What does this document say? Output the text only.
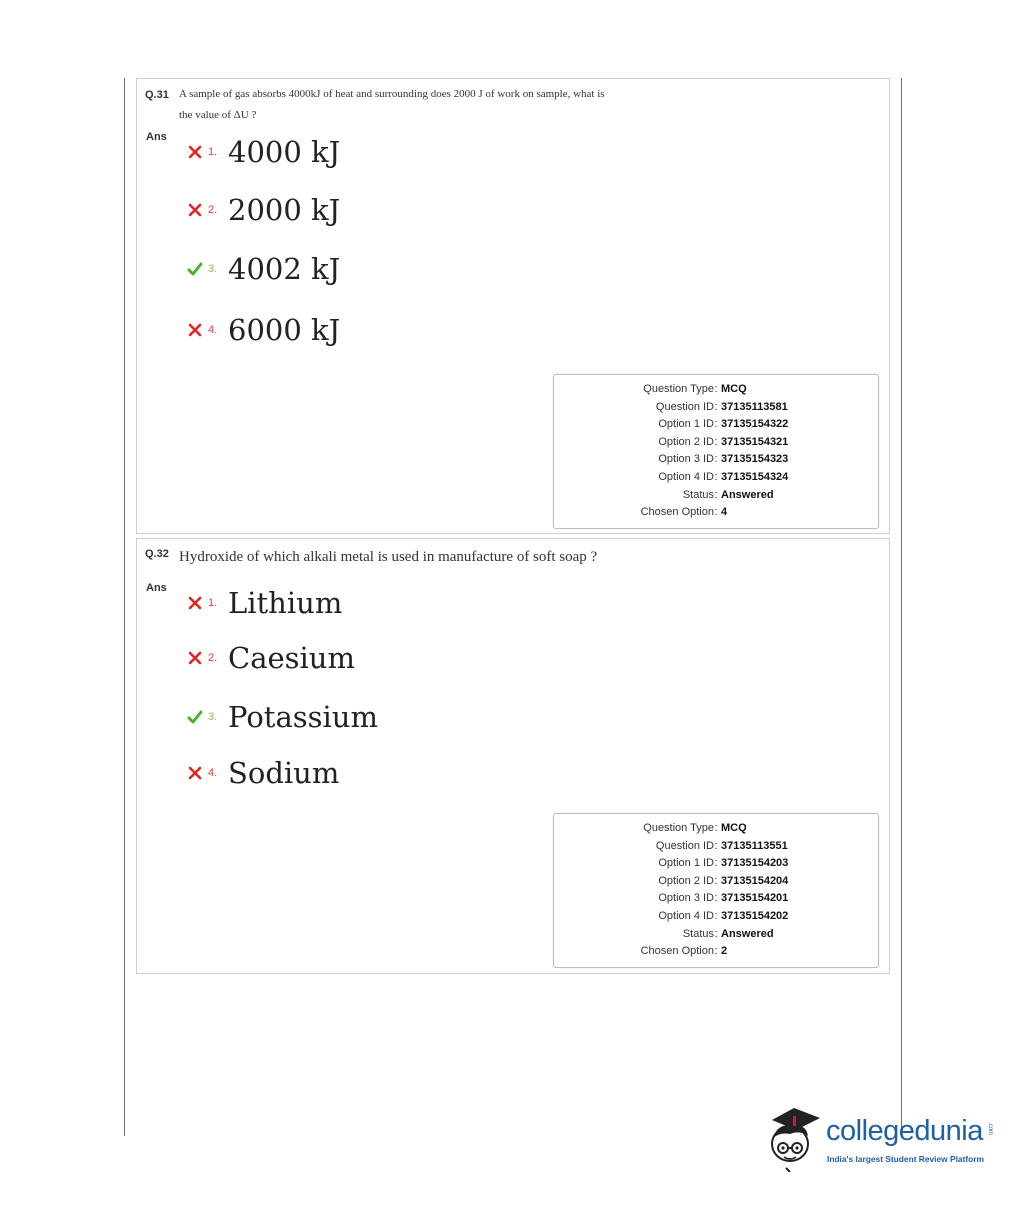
Q.31 A sample of gas absorbs 4000kJ of heat and surrounding does 2000 J of work on sample, what is
the value of ΔU ?
Ans
1. 4000 kJ
2. 2000 kJ
3. 4002 kJ
4. 6000 kJ
Question Type : MCQ
Question ID : 37135113581
Option 1 ID : 37135154322
Option 2 ID : 37135154321
Option 3 ID : 37135154323
Option 4 ID : 37135154324
Status : Answered
Chosen Option : 4
Q.32 Hydroxide of which alkali metal is used in manufacture of soft soap ?
Ans
1. Lithium
2. Caesium
3. Potassium
4. Sodium
Question Type : MCQ
Question ID : 37135113551
Option 1 ID : 37135154203
Option 2 ID : 37135154204
Option 3 ID : 37135154201
Option 4 ID : 37135154202
Status : Answered
Chosen Option : 2
collegedunia .com
India's largest Student Review Platform
